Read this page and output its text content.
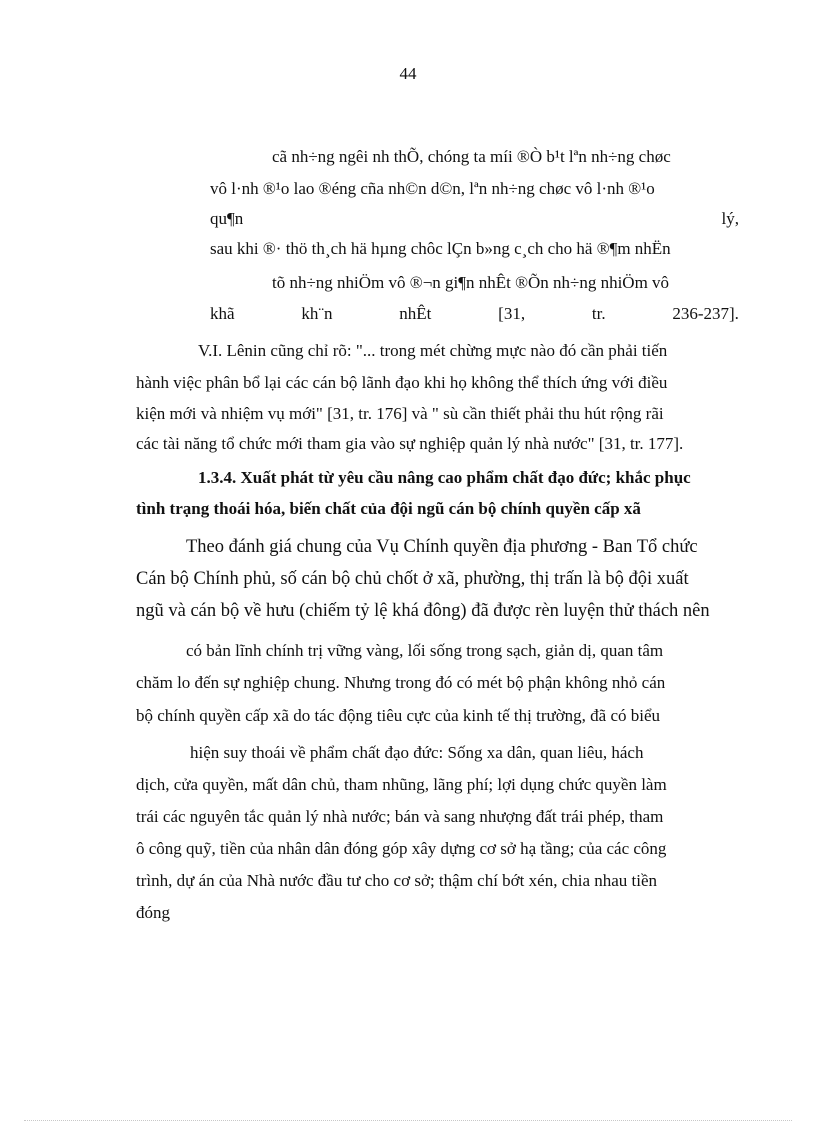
44
cã nh÷ng ngêi nh thÕ, chóng ta míi ®Ò b¹t lªn nh÷ng chøc
vô l·nh ®¹o lao ®éng cña nh©n d©n, lªn nh÷ng chøc vô l·nh ®¹o
qu¶n	lý,
sau khi ®· thö th¸ch hä hµng chôc lÇn b»ng c¸ch cho hä ®¶m nhËn
tõ nh÷ng nhiÖm vô ®¬n gi¶n nhÊt ®Õn nh÷ng nhiÖm vô
khã	kh¨n	nhÊt	[31,	tr.	236-237].
V.I. Lênin cũng chỉ rõ: "... trong mét chừng mực nào đó cần phải tiến
hành việc phân bổ lại các cán bộ lãnh đạo khi họ không thể thích ứng với điều
kiện mới và nhiệm vụ mới" [31, tr. 176] và " sù cần thiết phải thu hút rộng rãi
các tài năng tổ chức mới tham gia vào sự nghiệp quản lý nhà nước" [31, tr. 177].
1.3.4. Xuất phát từ yêu cầu nâng cao phẩm chất đạo đức; khắc phục
tình trạng thoái hóa, biến chất của đội ngũ cán bộ chính quyền cấp xã
Theo đánh giá chung của Vụ Chính quyền địa phương - Ban Tổ chức
Cán bộ Chính phủ, số cán bộ chủ chốt ở xã, phường, thị trấn là bộ đội xuất
ngũ và cán bộ về hưu (chiếm tỷ lệ khá đông) đã được rèn luyện thử thách nên
có bản lĩnh chính trị vững vàng, lối sống trong sạch, giản dị, quan tâm
chăm lo đến sự nghiệp chung. Nhưng trong đó có mét bộ phận không nhỏ cán
bộ chính quyền cấp xã do tác động tiêu cực của kinh tế thị trường, đã có biểu
hiện suy thoái về phẩm chất đạo đức: Sống xa dân, quan liêu, hách
dịch, cửa quyền, mất dân chủ, tham nhũng, lãng phí; lợi dụng chức quyền làm
trái các nguyên tắc quản lý nhà nước; bán và sang nhượng đất trái phép, tham
ô công quỹ, tiền của nhân dân đóng góp xây dựng cơ sở hạ tầng; của các công
trình, dự án của Nhà nước đầu tư cho cơ sở; thậm chí bớt xén, chia nhau tiền
đóng
